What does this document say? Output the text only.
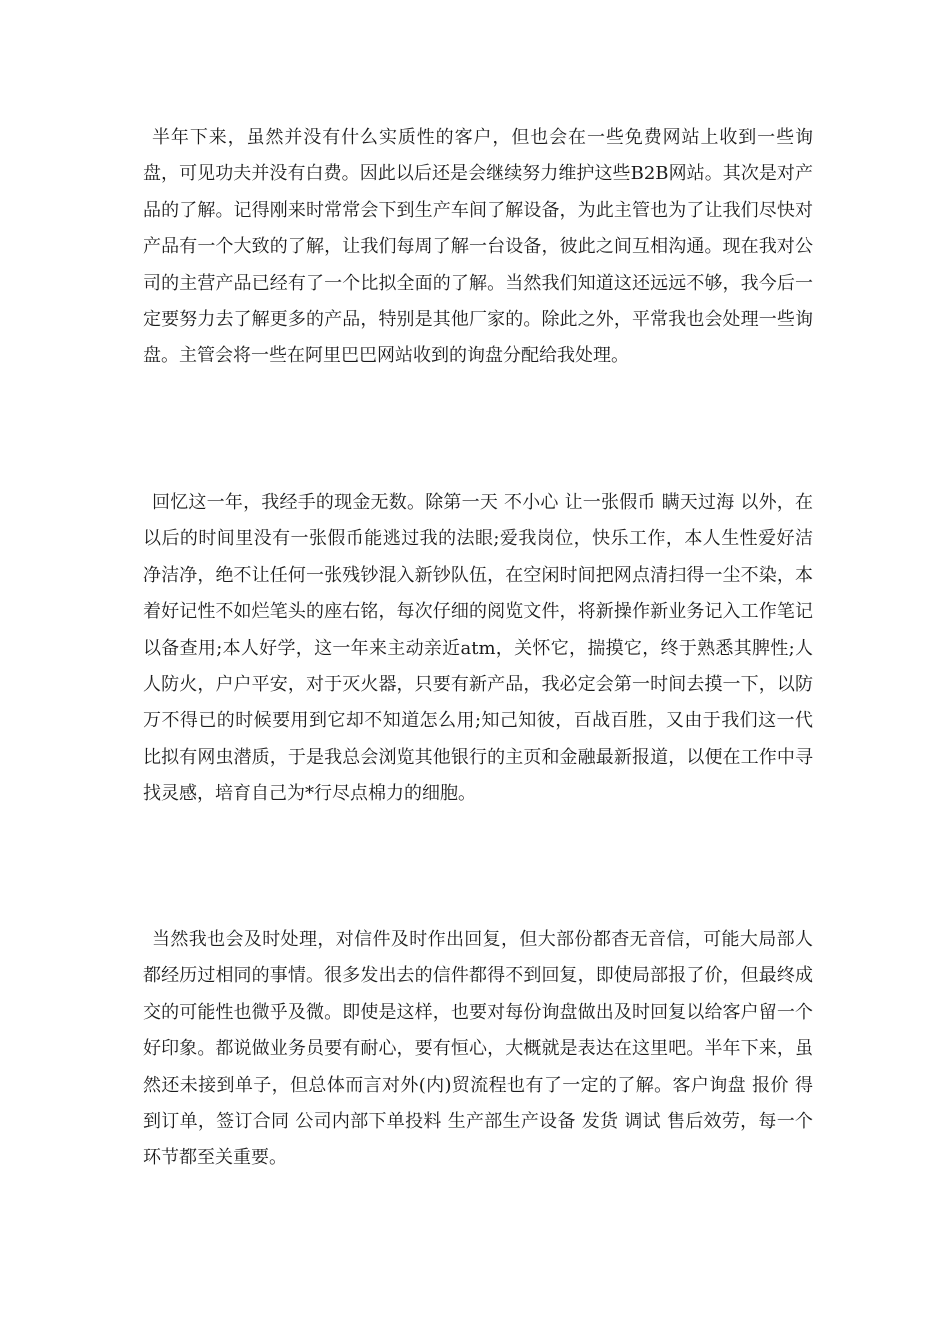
半年下来，虽然并没有什么实质性的客户，但也会在一些免费网站上收到一些询盘，可见功夫并没有白费。因此以后还是会继续努力维护这些B2B网站。其次是对产品的了解。记得刚来时常常会下到生产车间了解设备，为此主管也为了让我们尽快对产品有一个大致的了解，让我们每周了解一台设备，彼此之间互相沟通。现在我对公司的主营产品已经有了一个比拟全面的了解。当然我们知道这还远远不够，我今后一定要努力去了解更多的产品，特别是其他厂家的。除此之外，平常我也会处理一些询盘。主管会将一些在阿里巴巴网站收到的询盘分配给我处理。

回忆这一年，我经手的现金无数。除第一天 不小心 让一张假币 瞒天过海 以外，在以后的时间里没有一张假币能逃过我的法眼;爱我岗位，快乐工作，本人生性爱好洁净洁净，绝不让任何一张残钞混入新钞队伍，在空闲时间把网点清扫得一尘不染，本着好记性不如烂笔头的座右铭，每次仔细的阅览文件，将新操作新业务记入工作笔记以备查用;本人好学，这一年来主动亲近atm，关怀它，揣摸它，终于熟悉其脾性;人人防火，户户平安，对于灭火器，只要有新产品，我必定会第一时间去摸一下，以防万不得已的时候要用到它却不知道怎么用;知己知彼，百战百胜，又由于我们这一代比拟有网虫潜质，于是我总会浏览其他银行的主页和金融最新报道，以便在工作中寻找灵感，培育自己为*行尽点棉力的细胞。

当然我也会及时处理，对信件及时作出回复，但大部份都杳无音信，可能大局部人都经历过相同的事情。很多发出去的信件都得不到回复，即使局部报了价，但最终成交的可能性也微乎及微。即使是这样，也要对每份询盘做出及时回复以给客户留一个好印象。都说做业务员要有耐心，要有恒心，大概就是表达在这里吧。半年下来，虽然还未接到单子，但总体而言对外(内)贸流程也有了一定的了解。客户询盘 报价 得到订单，签订合同 公司内部下单投料 生产部生产设备 发货 调试 售后效劳，每一个环节都至关重要。
